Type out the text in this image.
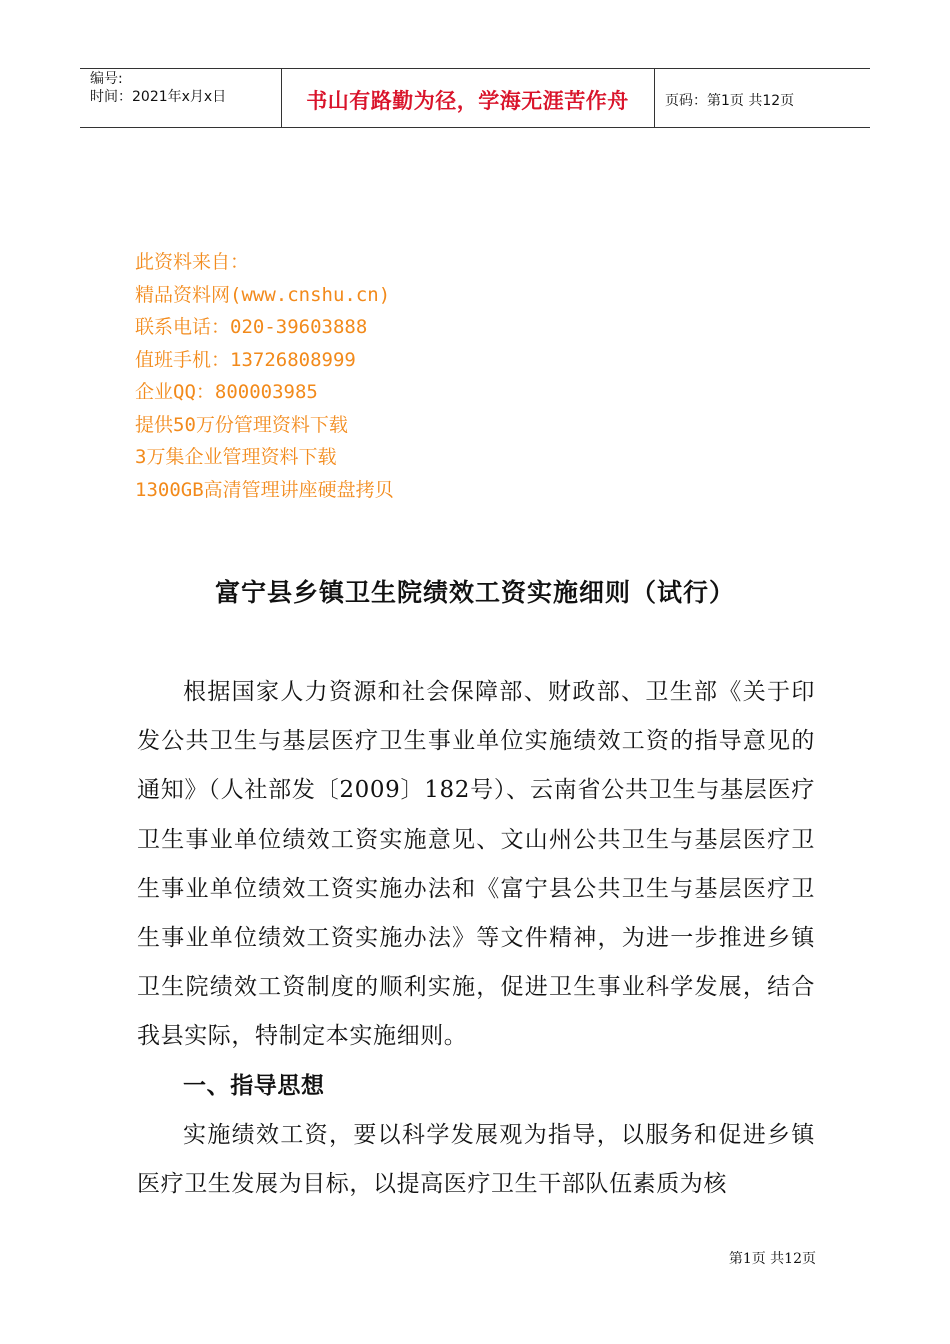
编号:
时间：2021年x月x日	书山有路勤为径，学海无涯苦作舟	页码：第1页 共12页
此资料来自：
精品资料网(www.cnshu.cn)
联系电话：020-39603888
值班手机：13726808999
企业QQ：800003985
提供50万份管理资料下载
3万集企业管理资料下载
1300GB高清管理讲座硬盘拷贝
富宁县乡镇卫生院绩效工资实施细则（试行）

根据国家人力资源和社会保障部、财政部、卫生部《关于印发公共卫生与基层医疗卫生事业单位实施绩效工资的指导意见的通知》（人社部发〔2009〕182号）、云南省公共卫生与基层医疗卫生事业单位绩效工资实施意见、文山州公共卫生与基层医疗卫生事业单位绩效工资实施办法和《富宁县公共卫生与基层医疗卫生事业单位绩效工资实施办法》等文件精神，为进一步推进乡镇卫生院绩效工资制度的顺利实施，促进卫生事业科学发展，结合我县实际，特制定本实施细则。

一、指导思想

实施绩效工资，要以科学发展观为指导，以服务和促进乡镇医疗卫生发展为目标，以提高医疗卫生干部队伍素质为核

第1页 共12页
